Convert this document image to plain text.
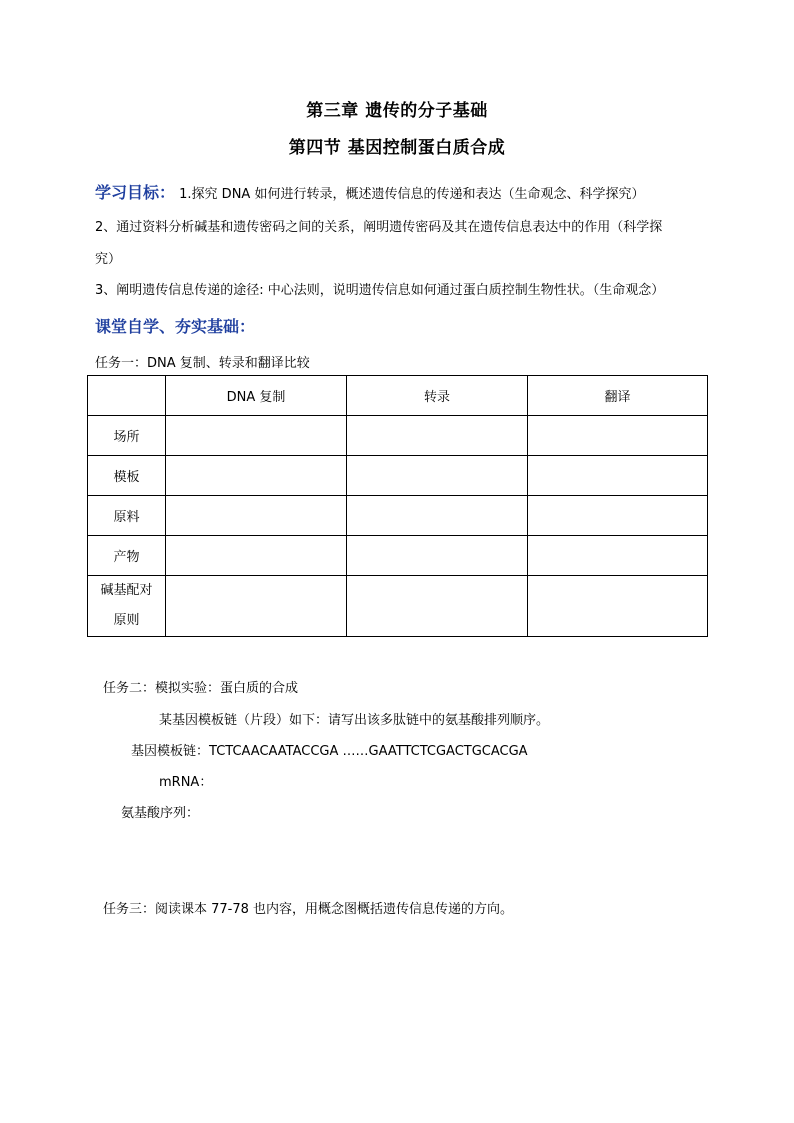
第三章 遗传的分子基础
第四节 基因控制蛋白质合成
学习目标： 1.探究 DNA 如何进行转录，概述遗传信息的传递和表达（生命观念、科学探究）
2、通过资料分析碱基和遗传密码之间的关系，阐明遗传密码及其在遗传信息表达中的作用（科学探
究）
3、阐明遗传信息传递的途径: 中心法则，说明遗传信息如何通过蛋白质控制生物性状。（生命观念）
课堂自学、夯实基础：
任务一：DNA 复制、转录和翻译比较
	DNA 复制	转录	翻译
场所			
模板			
原料			
产物			

碱基配对
原则			

任务二：模拟实验：蛋白质的合成
某基因模板链（片段）如下：请写出该多肽链中的氨基酸排列顺序。
基因模板链：TCTCAACAATACCGA ……GAATTCTCGACTGCACGA
mRNA：
氨基酸序列：
任务三：阅读课本 77-78 也内容，用概念图概括遗传信息传递的方向。
